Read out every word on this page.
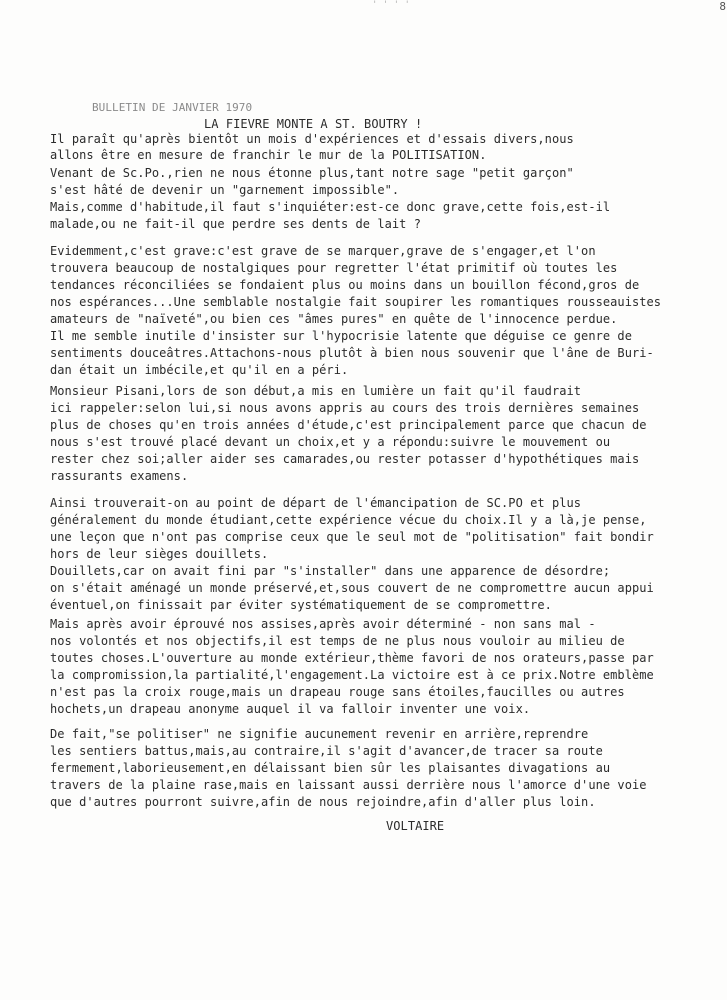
' ' ' '	8

BULLETIN DE JANVIER 1970

LA FIEVRE MONTE A ST. BOUTRY !

Il paraît qu'après bientôt un mois d'expériences et d'essais divers,nous

allons être en mesure de franchir le mur de la POLITISATION.

Venant de Sc.Po.,rien ne nous étonne plus,tant notre sage "petit garçon"

s'est hâté de devenir un "garnement impossible".

Mais,comme d'habitude,il faut s'inquiéter:est-ce donc grave,cette fois,est-il

malade,ou ne fait-il que perdre ses dents de lait ?

Evidemment,c'est grave:c'est grave de se marquer,grave de s'engager,et l'on

trouvera beaucoup de nostalgiques pour regretter l'état primitif où toutes les

tendances réconciliées se fondaient plus ou moins dans un bouillon fécond,gros de

nos espérances...Une semblable nostalgie fait soupirer les romantiques rousseauistes

amateurs de "naïveté",ou bien ces "âmes pures" en quête de l'innocence perdue.

Il me semble inutile d'insister sur l'hypocrisie latente que déguise ce genre de

sentiments douceâtres.Attachons-nous plutôt à bien nous souvenir que l'âne de Buri-

dan était un imbécile,et qu'il en a péri.

Monsieur Pisani,lors de son début,a mis en lumière un fait qu'il faudrait

ici rappeler:selon lui,si nous avons appris au cours des trois dernières semaines

plus de choses qu'en trois années d'étude,c'est principalement parce que chacun de

nous s'est trouvé placé devant un choix,et y a répondu:suivre le mouvement ou

rester chez soi;aller aider ses camarades,ou rester potasser d'hypothétiques mais

rassurants examens.

Ainsi trouverait-on au point de départ de l'émancipation de SC.PO et plus

généralement du monde étudiant,cette expérience vécue du choix.Il y a là,je pense,

une leçon que n'ont pas comprise ceux que le seul mot de "politisation" fait bondir

hors de leur sièges douillets.

Douillets,car on avait fini par "s'installer" dans une apparence de désordre;

on s'était aménagé un monde préservé,et,sous couvert de ne compromettre aucun appui

éventuel,on finissait par éviter systématiquement de se compromettre.

Mais après avoir éprouvé nos assises,après avoir déterminé - non sans mal -

nos volontés et nos objectifs,il est temps de ne plus nous vouloir au milieu de

toutes choses.L'ouverture au monde extérieur,thème favori de nos orateurs,passe par

la compromission,la partialité,l'engagement.La victoire est à ce prix.Notre emblème

n'est pas la croix rouge,mais un drapeau rouge sans étoiles,faucilles ou autres

hochets,un drapeau anonyme auquel il va falloir inventer une voix.

De fait,"se politiser" ne signifie aucunement revenir en arrière,reprendre

les sentiers battus,mais,au contraire,il s'agit d'avancer,de tracer sa route

fermement,laborieusement,en délaissant bien sûr les plaisantes divagations au

travers de la plaine rase,mais en laissant aussi derrière nous l'amorce d'une voie

que d'autres pourront suivre,afin de nous rejoindre,afin d'aller plus loin.

VOLTAIRE
